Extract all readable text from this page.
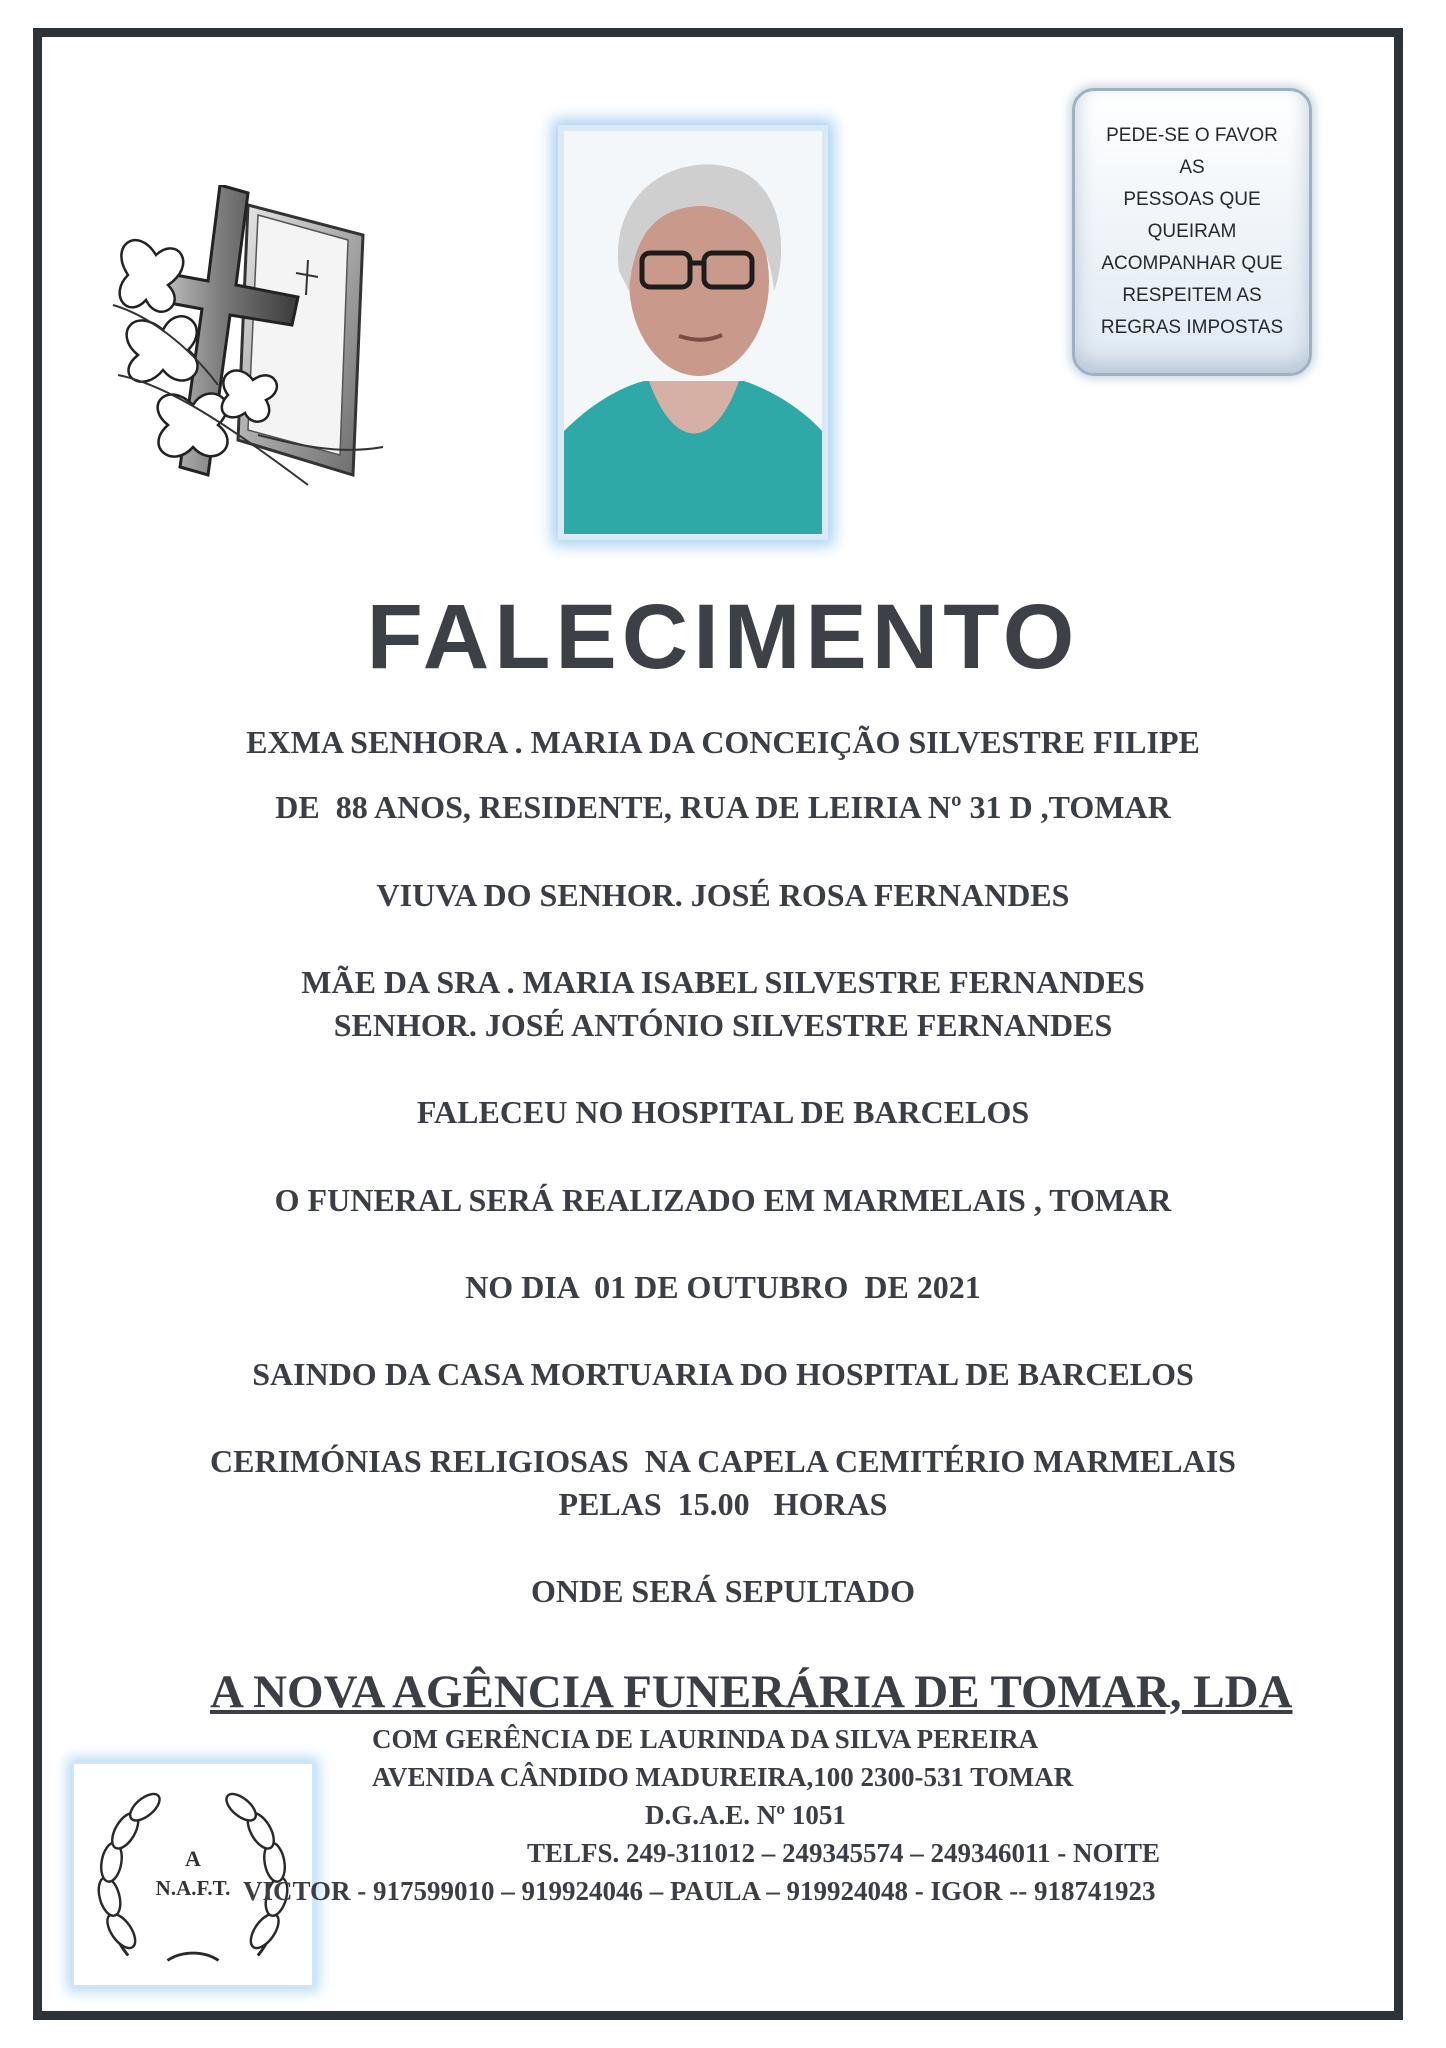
PEDE-SE O FAVOR AS
PESSOAS QUE
QUEIRAM
ACOMPANHAR QUE
RESPEITEM AS
REGRAS IMPOSTAS
FALECIMENTO
EXMA SENHORA . MARIA DA CONCEIÇÃO SILVESTRE FILIPE
DE  88 ANOS, RESIDENTE, RUA DE LEIRIA Nº 31 D ,TOMAR
VIUVA DO SENHOR. JOSÉ ROSA FERNANDES
MÃE DA SRA . MARIA ISABEL SILVESTRE FERNANDES
SENHOR. JOSÉ ANTÓNIO SILVESTRE FERNANDES
FALECEU NO HOSPITAL DE BARCELOS
O FUNERAL SERÁ REALIZADO EM MARMELAIS , TOMAR
NO DIA  01 DE OUTUBRO  DE 2021
SAINDO DA CASA MORTUARIA DO HOSPITAL DE BARCELOS
CERIMÓNIAS RELIGIOSAS  NA CAPELA CEMITÉRIO MARMELAIS
PELAS  15.00   HORAS
ONDE SERÁ SEPULTADO
A NOVA AGÊNCIA FUNERÁRIA DE TOMAR, LDA
COM GERÊNCIA DE LAURINDA DA SILVA PEREIRA
AVENIDA CÂNDIDO MADUREIRA,100 2300-531 TOMAR
D.G.A.E. Nº 1051
TELFS. 249-311012 – 249345574 – 249346011 - NOITE
A
N.A.F.T. VICTOR - 917599010 – 919924046 – PAULA – 919924048 - IGOR -- 918741923
